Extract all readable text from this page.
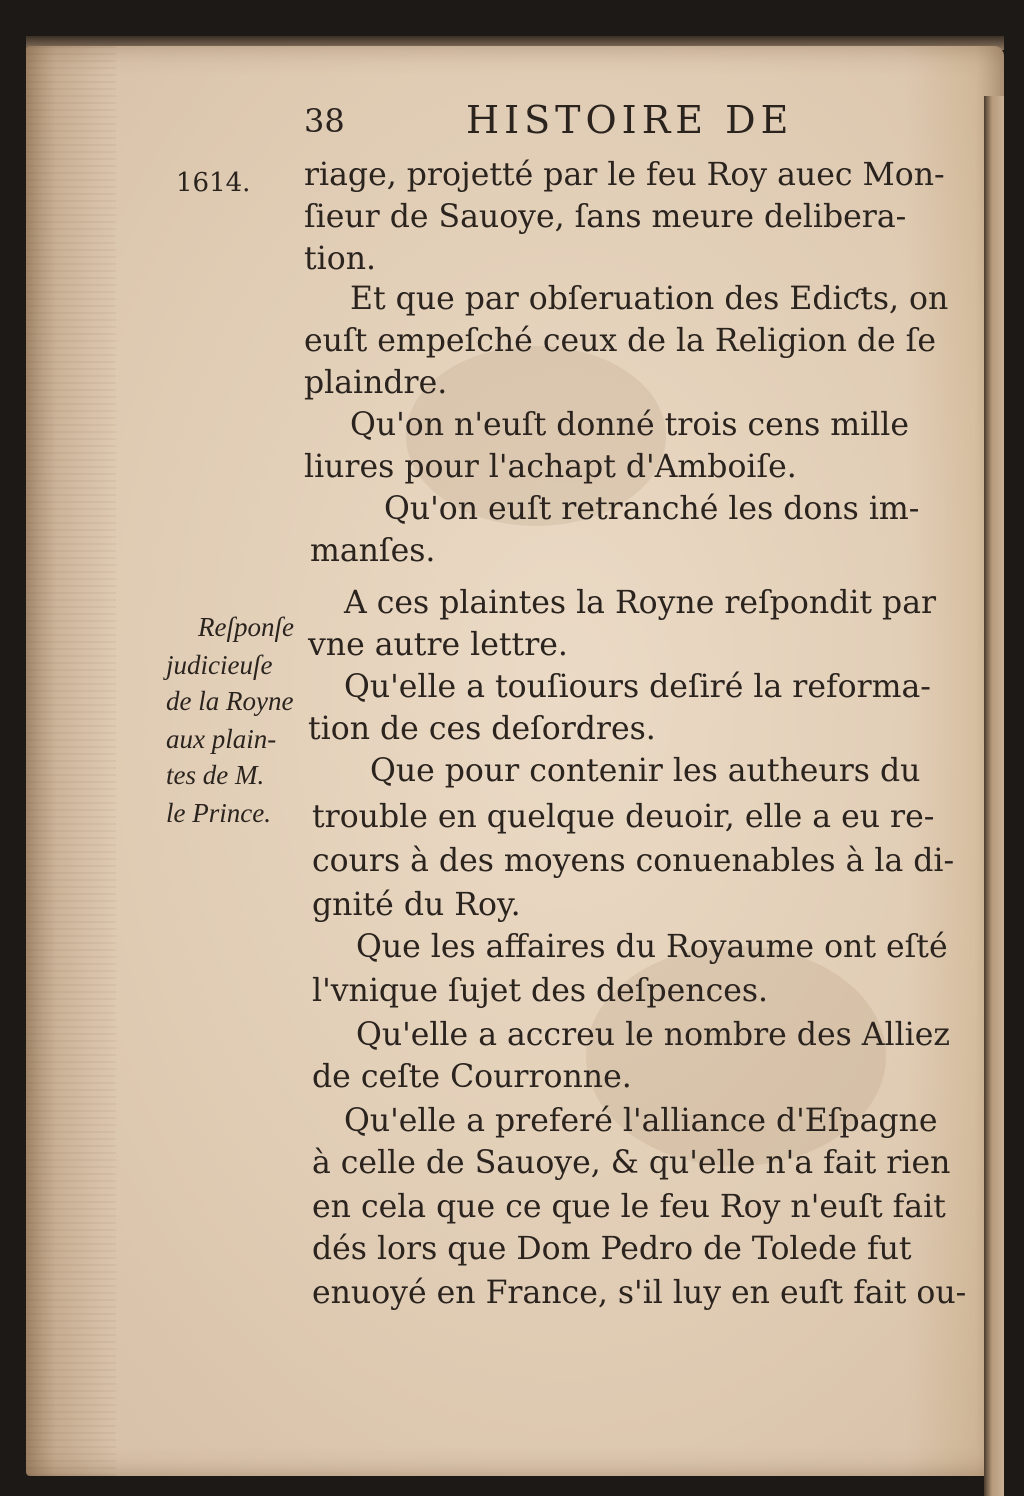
38	HISTOIRE DE
1614. riage, projetté par le feu Roy auec Mon-
ſieur de Sauoye, ſans meure delibera-
tion.
Et que par obſeruation des Ediƈts, on
euſt empeſché ceux de la Religion de ſe
plaindre.
Qu'on n'euſt donné trois cens mille
liures pour l'achapt d'Amboiſe.
Qu'on euſt retranché les dons im-
manſes.
A ces plaintes la Royne reſpondit par
vne autre lettre.
Qu'elle a touſiours deſiré la reforma-
tion de ces deſordres.
Que pour contenir les autheurs du
trouble en quelque deuoir, elle a eu re-
cours à des moyens conuenables à la di-
gnité du Roy.
Que les affaires du Royaume ont eſté
l'vnique ſujet des deſpences.
Qu'elle a accreu le nombre des Alliez
de ceſte Courronne.
Qu'elle a preferé l'alliance d'Eſpagne
à celle de Sauoye, & qu'elle n'a fait rien
en cela que ce que le feu Roy n'euſt fait
dés lors que Dom Pedro de Tolede fut
enuoyé en France, s'il luy en euſt fait ou-
Reſponſe
judicieuſe
de la Royne
aux plain-
tes de M.
le Prince.
